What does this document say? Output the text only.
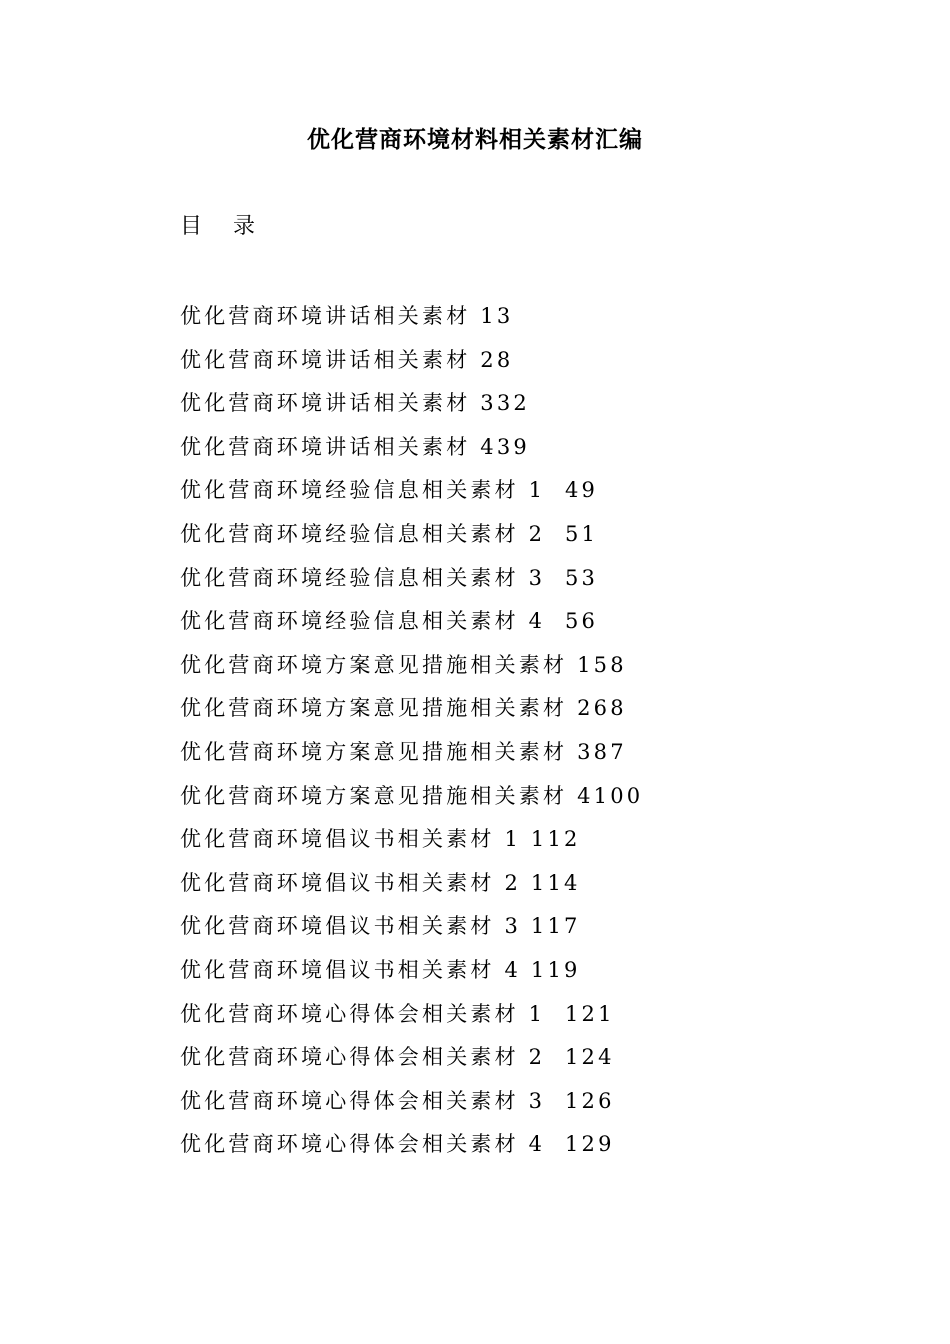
优化营商环境材料相关素材汇编
目 录
优化营商环境讲话相关素材 13
优化营商环境讲话相关素材 28
优化营商环境讲话相关素材 332
优化营商环境讲话相关素材 439
优化营商环境经验信息相关素材 1  49
优化营商环境经验信息相关素材 2  51
优化营商环境经验信息相关素材 3  53
优化营商环境经验信息相关素材 4  56
优化营商环境方案意见措施相关素材 158
优化营商环境方案意见措施相关素材 268
优化营商环境方案意见措施相关素材 387
优化营商环境方案意见措施相关素材 4100
优化营商环境倡议书相关素材 1 112
优化营商环境倡议书相关素材 2 114
优化营商环境倡议书相关素材 3 117
优化营商环境倡议书相关素材 4 119
优化营商环境心得体会相关素材 1  121
优化营商环境心得体会相关素材 2  124
优化营商环境心得体会相关素材 3  126
优化营商环境心得体会相关素材 4  129
